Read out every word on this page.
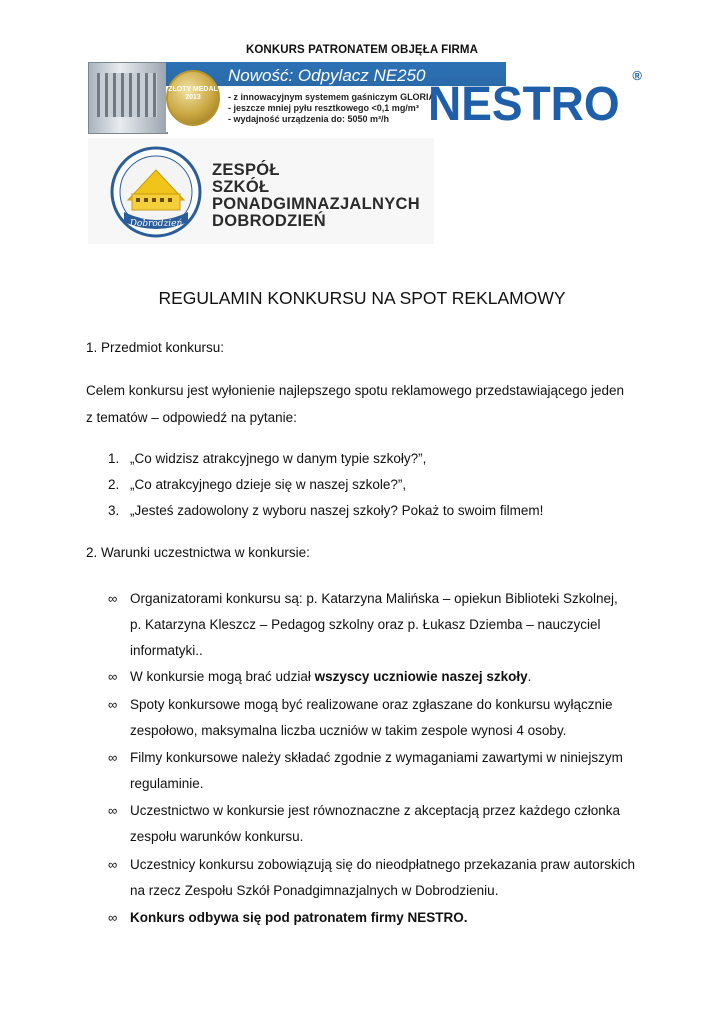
KONKURS PATRONATEM OBJĘŁA FIRMA
ZŁOTY MEDAL 2013
Nowość: Odpylacz NE250
- z innowacyjnym systemem gaśniczym GLORIA
- jeszcze mniej pyłu resztkowego <0,1 mg/m³
- wydajność urządzenia do: 5050 m³/h NESTRO
®
Dobrodzień
ZESPÓŁ
SZKÓŁ
PONADGIMNAZJALNYCH
DOBRODZIEŃ
REGULAMIN KONKURSU NA SPOT REKLAMOWY
1. Przedmiot konkursu:
Celem konkursu jest wyłonienie najlepszego spotu reklamowego przedstawiającego jeden
z tematów – odpowiedź na pytanie:
1. „Co widzisz atrakcyjnego w danym typie szkoły?”,
2. „Co atrakcyjnego dzieje się w naszej szkole?”,
3. „Jesteś zadowolony z wyboru naszej szkoły? Pokaż to swoim filmem!
2. Warunki uczestnictwa w konkursie:
∞ Organizatorami konkursu są: p. Katarzyna Malińska – opiekun Biblioteki Szkolnej,
p. Katarzyna Kleszcz – Pedagog szkolny oraz p. Łukasz Dziemba – nauczyciel
informatyki..
∞ W konkursie mogą brać udział wszyscy uczniowie naszej szkoły.
∞ Spoty konkursowe mogą być realizowane oraz zgłaszane do konkursu wyłącznie
zespołowo, maksymalna liczba uczniów w takim zespole wynosi 4 osoby.
∞ Filmy konkursowe należy składać zgodnie z wymaganiami zawartymi w niniejszym
regulaminie.
∞ Uczestnictwo w konkursie jest równoznaczne z akceptacją przez każdego członka
zespołu warunków konkursu.
∞ Uczestnicy konkursu zobowiązują się do nieodpłatnego przekazania praw autorskich
na rzecz Zespołu Szkół Ponadgimnazjalnych w Dobrodzieniu.
∞ Konkurs odbywa się pod patronatem firmy NESTRO.
